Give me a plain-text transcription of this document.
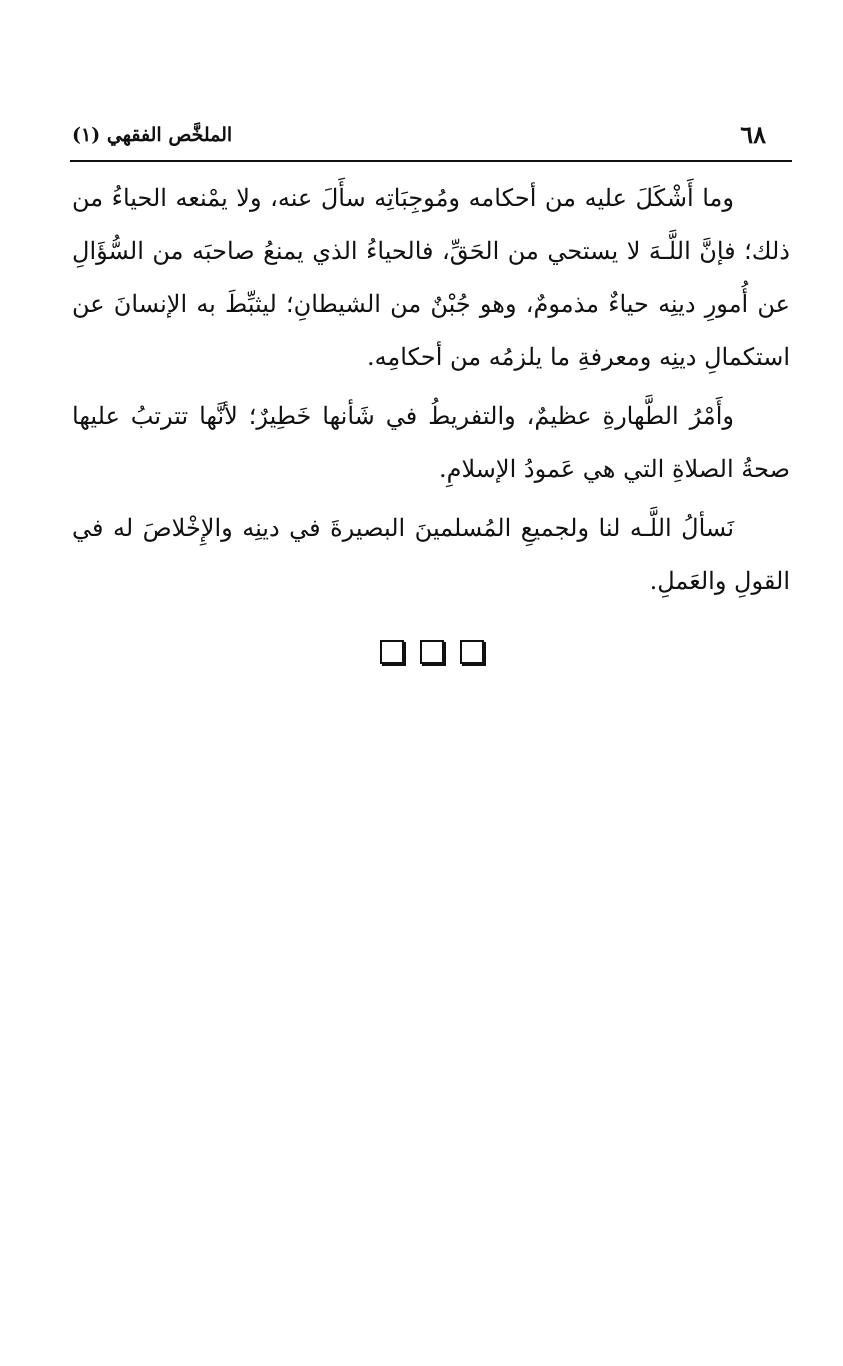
٦٨
الملخَّص الفقهي (١)

وما أَشْكَلَ عليه من أحكامه ومُوجِبَاتِه سأَلَ عنه، ولا يمْنعه الحياءُ من ذلك؛ فإنَّ اللَّـهَ لا يستحي من الحَقِّ، فالحياءُ الذي يمنعُ صاحبَه من السُّؤَالِ عن أُمورِ دينِه حياءٌ مذمومٌ، وهو جُبْنٌ من الشيطانِ؛ ليثبِّطَ به الإنسانَ عن استكمالِ دينِه ومعرفةِ ما يلزمُه من أحكامِه.

وأَمْرُ الطَّهارةِ عظيمٌ، والتفريطُ في شَأنها خَطِيرٌ؛ لأنَّها تترتبُ عليها صحةُ الصلاةِ التي هي عَمودُ الإسلامِ.

نَسألُ اللَّـه لنا ولجميعِ المُسلمينَ البصيرةَ في دينِه والإِخْلاصَ له في القولِ والعَملِ.
